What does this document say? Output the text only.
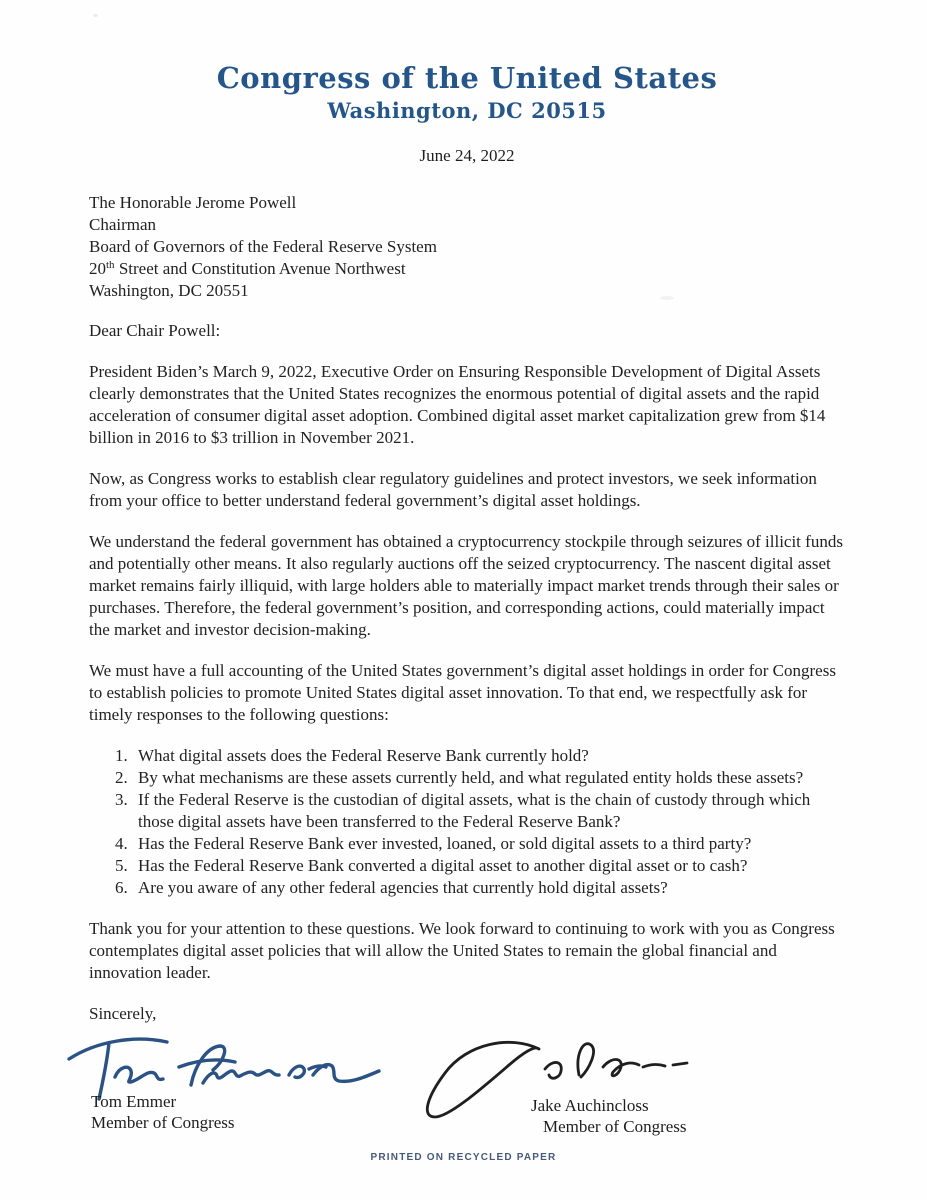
Congress of the United States
Washington, DC 20515
June 24, 2022
The Honorable Jerome Powell
Chairman
Board of Governors of the Federal Reserve System
20th Street and Constitution Avenue Northwest
Washington, DC 20551
Dear Chair Powell:

President Biden’s March 9, 2022, Executive Order on Ensuring Responsible Development of Digital Assets clearly demonstrates that the United States recognizes the enormous potential of digital assets and the rapid acceleration of consumer digital asset adoption. Combined digital asset market capitalization grew from $14 billion in 2016 to $3 trillion in November 2021.

Now, as Congress works to establish clear regulatory guidelines and protect investors, we seek information from your office to better understand federal government’s digital asset holdings.

We understand the federal government has obtained a cryptocurrency stockpile through seizures of illicit funds and potentially other means. It also regularly auctions off the seized cryptocurrency. The nascent digital asset market remains fairly illiquid, with large holders able to materially impact market trends through their sales or purchases. Therefore, the federal government’s position, and corresponding actions, could materially impact the market and investor decision-making.

We must have a full accounting of the United States government’s digital asset holdings in order for Congress to establish policies to promote United States digital asset innovation. To that end, we respectfully ask for timely responses to the following questions:

1. What digital assets does the Federal Reserve Bank currently hold?
2. By what mechanisms are these assets currently held, and what regulated entity holds these assets?
3. If the Federal Reserve is the custodian of digital assets, what is the chain of custody through which those digital assets have been transferred to the Federal Reserve Bank?
4. Has the Federal Reserve Bank ever invested, loaned, or sold digital assets to a third party?
5. Has the Federal Reserve Bank converted a digital asset to another digital asset or to cash?
6. Are you aware of any other federal agencies that currently hold digital assets?

Thank you for your attention to these questions. We look forward to continuing to work with you as Congress contemplates digital asset policies that will allow the United States to remain the global financial and innovation leader.

Sincerely,
Tom Emmer
Member of Congress
Jake Auchincloss
Member of Congress
PRINTED ON RECYCLED PAPER
